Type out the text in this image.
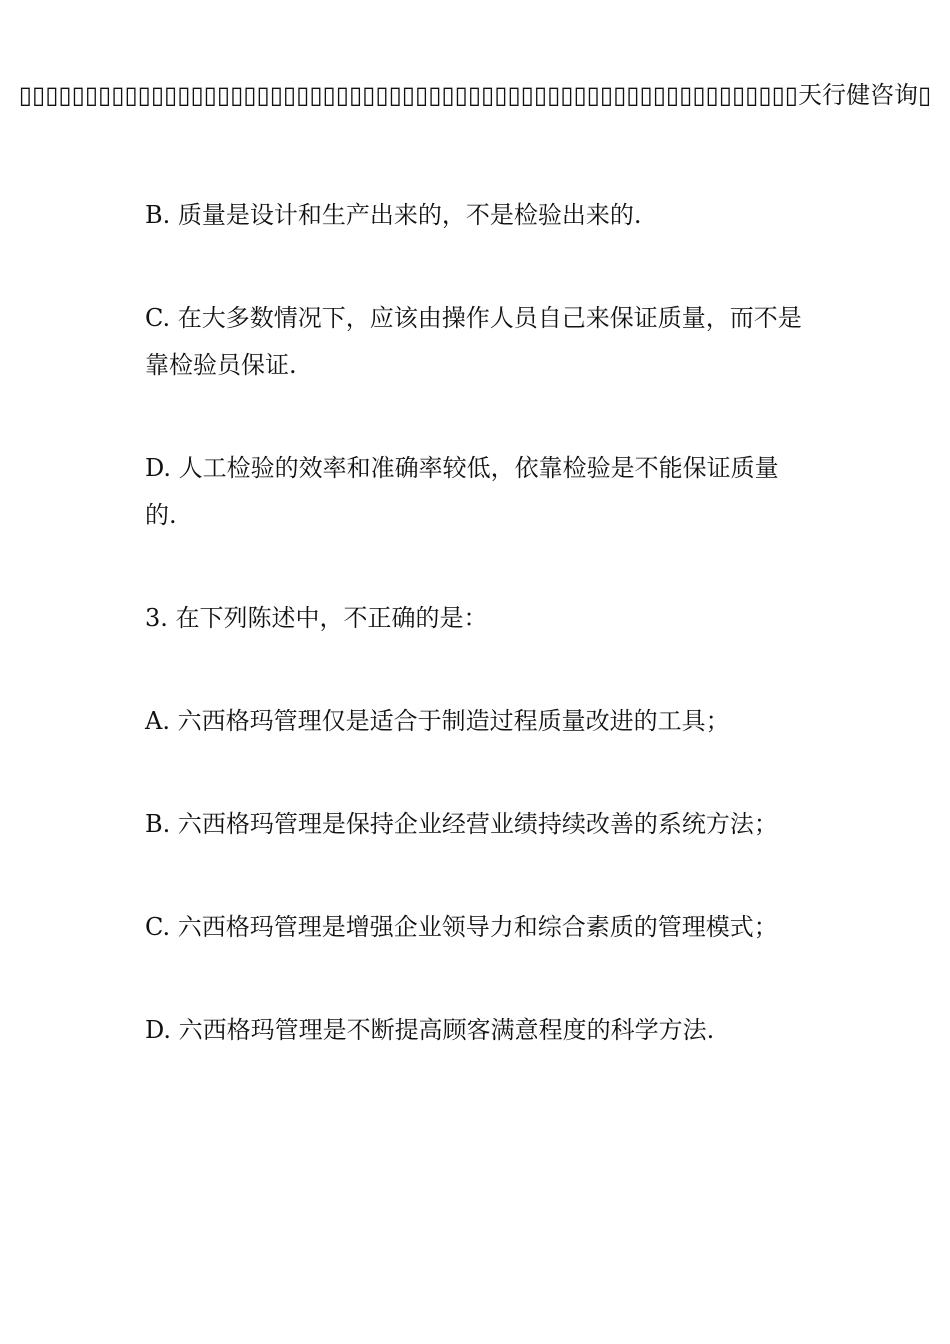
▯▯▯▯▯▯▯▯▯▯▯▯▯▯▯▯▯▯▯▯▯▯▯▯▯▯▯▯▯▯▯▯▯▯▯▯▯▯▯▯▯▯▯▯▯▯▯▯▯▯▯▯▯▯▯▯▯▯▯天行健咨询▯

B. 质量是设计和生产出来的，不是检验出来的.

C. 在大多数情况下，应该由操作人员自己来保证质量，而不是靠检验员保证.

D. 人工检验的效率和准确率较低，依靠检验是不能保证质量的.

3. 在下列陈述中，不正确的是：

A. 六西格玛管理仅是适合于制造过程质量改进的工具；

B. 六西格玛管理是保持企业经营业绩持续改善的系统方法；

C. 六西格玛管理是增强企业领导力和综合素质的管理模式；

D. 六西格玛管理是不断提高顾客满意程度的科学方法.
